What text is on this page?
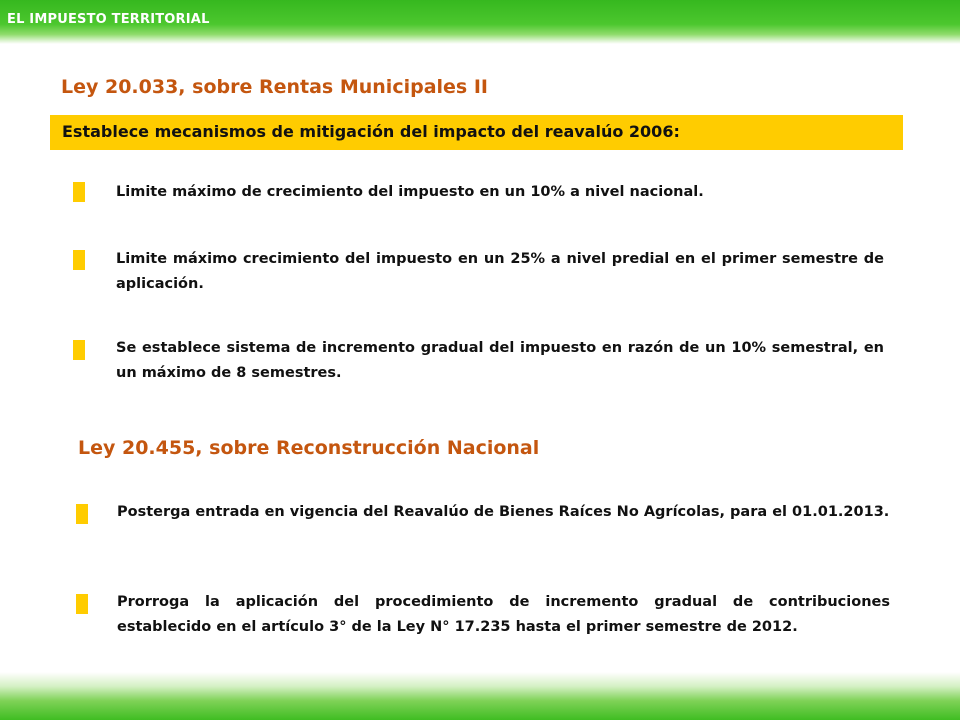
EL IMPUESTO TERRITORIAL
Ley 20.033, sobre Rentas Municipales II
Establece mecanismos de mitigación del impacto del reavalúo 2006:
Limite máximo de crecimiento del impuesto en un 10% a nivel nacional.
Limite máximo crecimiento del impuesto en un 25% a nivel predial en el primer semestre de aplicación.
Se establece sistema de incremento gradual del impuesto en razón de un 10% semestral, en un máximo de 8 semestres.
Ley 20.455, sobre Reconstrucción Nacional
Posterga entrada en vigencia del Reavalúo de Bienes Raíces No Agrícolas, para el 01.01.2013.
Prorroga la aplicación del procedimiento de incremento gradual de contribuciones establecido en el artículo 3° de la Ley N° 17.235 hasta el primer semestre de 2012.
